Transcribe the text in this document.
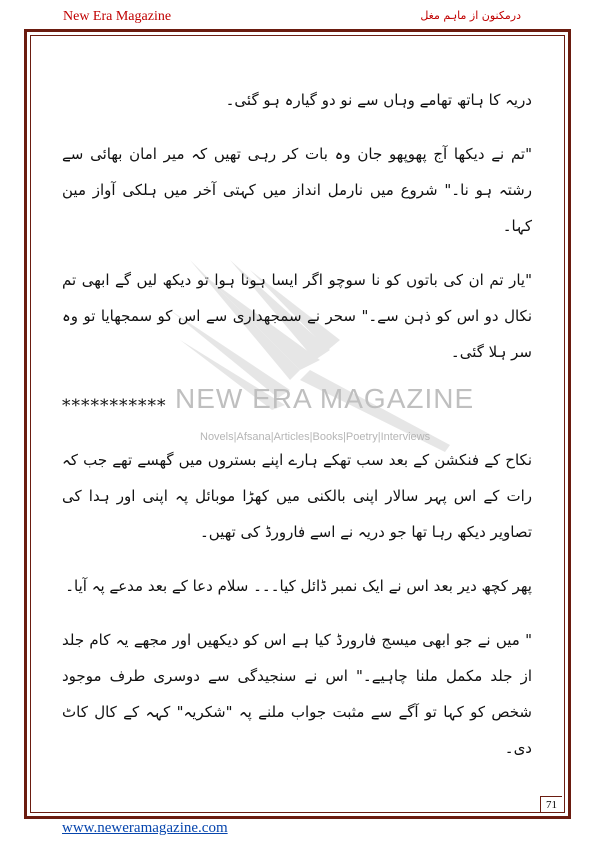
New Era Magazine	درمکنون از ماہم مغل
NEW ERA MAGAZINE
Novels|Afsana|Articles|Books|Poetry|Interviews

دریہ کا ہاتھ تھامے وہاں سے نو دو گیارہ ہو گئی۔

"تم نے دیکھا آج پھوپھو جان وہ بات کر رہی تھیں کہ میر امان بھائی سے رشتہ ہو نا۔" شروع میں نارمل انداز میں کہتی آخر میں ہلکی آواز مین کہا۔

"یار تم ان کی باتوں کو نا سوچو اگر ایسا ہونا ہوا تو دیکھ لیں گے ابھی تم نکال دو اس کو ذہن سے۔" سحر نے سمجھداری سے اس کو سمجھایا تو وہ سر ہلا گئی۔

***********

نکاح کے فنکشن کے بعد سب تھکے ہارے اپنے بستروں میں گھسے تھے جب کہ رات کے اس پہر سالار اپنی بالکنی میں کھڑا موبائل پہ اپنی اور ہدا کی تصاویر دیکھ رہا تھا جو دریہ نے اسے فارورڈ کی تھیں۔

پھر کچھ دیر بعد اس نے ایک نمبر ڈائل کیا۔۔۔ سلام دعا کے بعد مدعے پہ آیا۔

" میں نے جو ابھی میسج فارورڈ کیا ہے اس کو دیکھیں اور مجھے یہ کام جلد از جلد مکمل ملنا چاہیے۔" اس نے سنجیدگی سے دوسری طرف موجود شخص کو کہا تو آگے سے مثبت جواب ملنے پہ "شکریہ" کہہ کے کال کاٹ دی۔

71
www.neweramagazine.com
